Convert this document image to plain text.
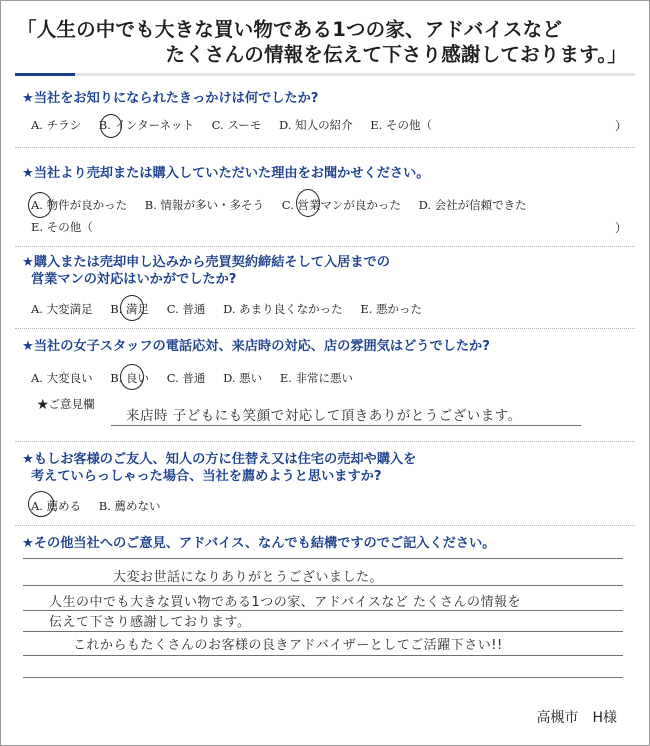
「人生の中でも大きな買い物である1つの家、アドバイスなど
たくさんの情報を伝えて下さり感謝しております。」
★当社をお知りになられたきっかけは何でしたか?
A. チラシ B. インターネット C. スーモ D. 知人の紹介 E. その他（	）
★当社より売却または購入していただいた理由をお聞かせください。
A. 物件が良かった B. 情報が多い・多そう C. 営業マンが良かった D. 会社が信頼できた
E. その他（	）
★購入または売却申し込みから売買契約締結そして入居までの
営業マンの対応はいかがでしたか?
A. 大変満足 B. 満足 C. 普通 D. あまり良くなかった E. 悪かった
★当社の女子スタッフの電話応対、来店時の対応、店の雰囲気はどうでしたか?
A. 大変良い B. 良い C. 普通 D. 悪い E. 非常に悪い
★ご意見欄
来店時 子どもにも笑顔で対応して頂きありがとうございます。
★もしお客様のご友人、知人の方に住替え又は住宅の売却や購入を
考えていらっしゃった場合、当社を薦めようと思いますか?
A. 薦める B. 薦めない
★その他当社へのご意見、アドバイス、なんでも結構ですのでご記入ください。
大変お世話になりありがとうございました。
人生の中でも大きな買い物である1つの家、アドバイスなど たくさんの情報を
伝えて下さり感謝しております。
これからもたくさんのお客様の良きアドバイザーとしてご活躍下さい!!
高槻市　H様
